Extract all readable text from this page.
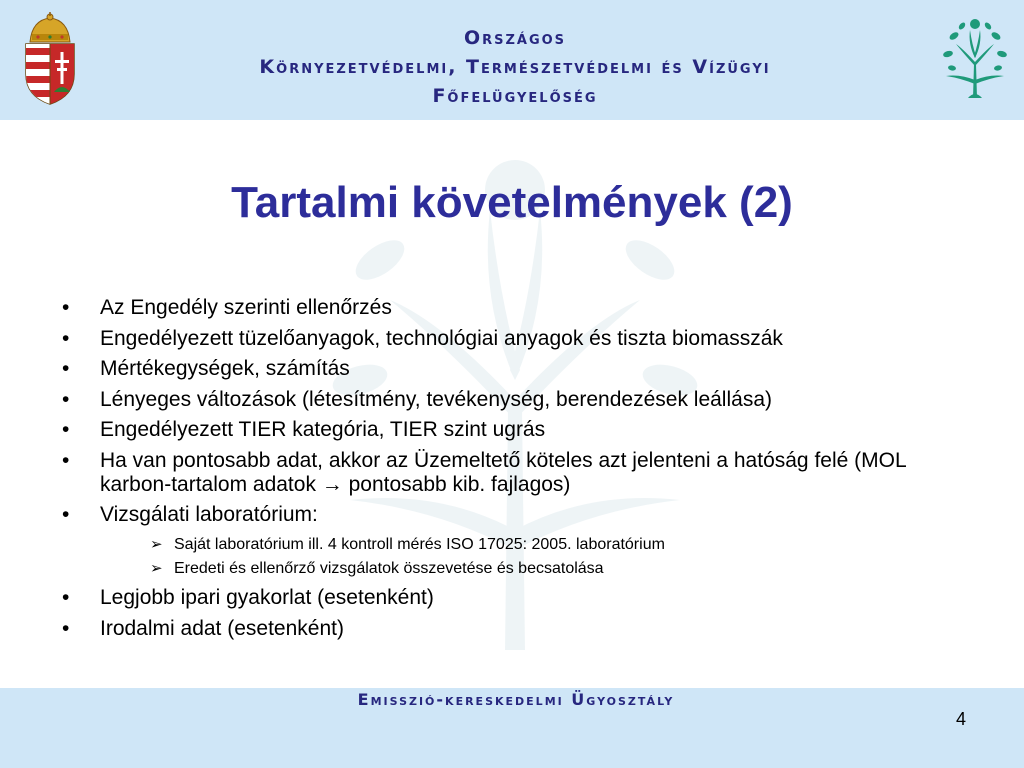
Országos
Környezetvédelmi, Természetvédelmi és Vízügyi
Főfelügyelőség
Tartalmi követelmények (2)
• Az Engedély szerinti ellenőrzés
• Engedélyezett tüzelőanyagok, technológiai anyagok és tiszta biomasszák
• Mértékegységek, számítás
• Lényeges változások (létesítmény, tevékenység, berendezések leállása)
• Engedélyezett TIER kategória, TIER szint ugrás
• Ha van pontosabb adat, akkor az Üzemeltető köteles azt jelenteni a hatóság felé (MOL karbon-tartalom adatok → pontosabb kib. fajlagos)
• Vizsgálati laboratórium:
➢ Saját laboratórium ill. 4 kontroll mérés ISO 17025: 2005. laboratórium
➢ Eredeti és ellenőrző vizsgálatok összevetése és becsatolása
• Legjobb ipari gyakorlat (esetenként)
• Irodalmi adat (esetenként)
Emisszió-kereskedelmi Ügyosztály
4
